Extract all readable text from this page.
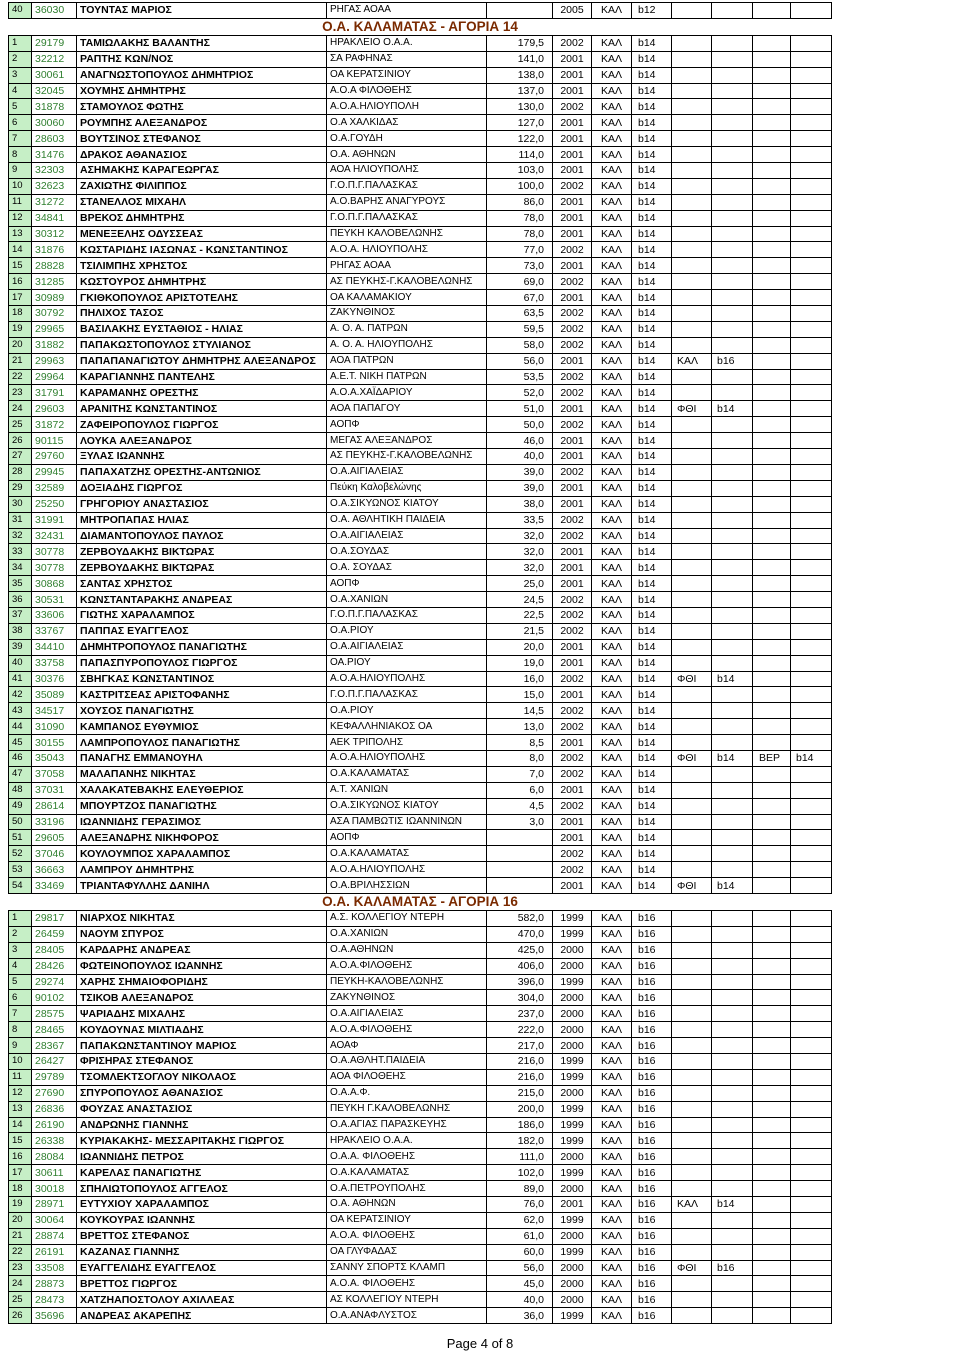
40	36030	ΤΟΥΝΤΑΣ ΜΑΡΙΟΣ	ΡΗΓΑΣ ΑΟΑΑ		2005	ΚΑΛ	b12				
Ο.Α. ΚΑΛΑΜΑΤΑΣ - ΑΓΟΡΙΑ 14											
1	29179	ΤΑΜΙΩΛΑΚΗΣ ΒΑΛΑΝΤΗΣ	ΗΡΑΚΛΕΙΟ Ο.Α.Α.	179,5	2002	ΚΑΛ	b14				
2	32212	ΡΑΠΤΗΣ ΚΩΝ/ΝΟΣ	ΣΑ ΡΑΦΗΝΑΣ	141,0	2001	ΚΑΛ	b14				
3	30061	ΑΝΑΓΝΩΣΤΟΠΟΥΛΟΣ ΔΗΜΗΤΡΙΟΣ	ΟΑ ΚΕΡΑΤΣΙΝΙΟΥ	138,0	2001	ΚΑΛ	b14				
4	32045	ΧΟΥΜΗΣ ΔΗΜΗΤΡΗΣ	Α.Ο.Α ΦΙΛΟΘΕΗΣ	137,0	2001	ΚΑΛ	b14				
5	31878	ΣΤΑΜΟΥΛΟΣ ΦΩΤΗΣ	Α.Ο.Α.ΗΛΙΟΥΠΟΛΗ	130,0	2002	ΚΑΛ	b14				
6	30060	ΡΟΥΜΠΗΣ ΑΛΕΞΑΝΔΡΟΣ	Ο.Α ΧΑΛΚΙΔΑΣ	127,0	2001	ΚΑΛ	b14				
7	28603	ΒΟΥΤΣΙΝΟΣ ΣΤΕΦΑΝΟΣ	Ο.Α.ΓΟΥΔΗ	122,0	2001	ΚΑΛ	b14				
8	31476	ΔΡΑΚΟΣ ΑΘΑΝΑΣΙΟΣ	Ο.Α. ΑΘΗΝΩΝ	114,0	2001	ΚΑΛ	b14				
9	32303	ΑΣΗΜΑΚΗΣ ΚΑΡΑΓΕΩΡΓΑΣ	ΑΟΑ ΗΛΙΟΥΠΟΛΗΣ	103,0	2001	ΚΑΛ	b14				
10	32623	ΖΑΧΙΩΤΗΣ ΦΙΛΙΠΠΟΣ	Γ.Ο.Π.Γ.ΠΑΛΑΣΚΑΣ	100,0	2002	ΚΑΛ	b14				
11	31272	ΣΤΑΝΕΛΛΟΣ ΜΙΧΑΗΛ	Α.Ο.ΒΑΡΗΣ ΑΝΑΓΥΡΟΥΣ	86,0	2001	ΚΑΛ	b14				
12	34841	ΒΡΕΚΟΣ ΔΗΜΗΤΡΗΣ	Γ.Ο.Π.Γ.ΠΑΛΑΣΚΑΣ	78,0	2001	ΚΑΛ	b14				
13	30312	ΜΕΝΕΞΕΛΗΣ ΟΔΥΣΣΕΑΣ	ΠΕΥΚΗ ΚΑΛΟΒΕΛΩΝΗΣ	78,0	2001	ΚΑΛ	b14				
14	31876	ΚΩΣΤΑΡΙΔΗΣ ΙΑΣΩΝΑΣ - ΚΩΝΣΤΑΝΤΙΝΟΣ	Α.Ο.Α. ΗΛΙΟΥΠΟΛΗΣ	77,0	2002	ΚΑΛ	b14				
15	28828	ΤΣΙΛΙΜΠΗΣ ΧΡΗΣΤΟΣ	ΡΗΓΑΣ ΑΟΑΑ	73,0	2001	ΚΑΛ	b14				
16	31285	ΚΩΣΤΟΥΡΟΣ ΔΗΜΗΤΡΗΣ	ΑΣ ΠΕΥΚΗΣ-Γ.ΚΑΛΟΒΕΛΩΝΗΣ	69,0	2002	ΚΑΛ	b14				
17	30989	ΓΚΙΘΚΟΠΟΥΛΟΣ ΑΡΙΣΤΟΤΕΛΗΣ	ΟΑ ΚΑΛΑΜΑΚΙΟΥ	67,0	2001	ΚΑΛ	b14				
18	30792	ΠΗΛΙΧΟΣ ΤΑΣΟΣ	ΖΑΚΥΝΘΙΝΟΣ	63,5	2002	ΚΑΛ	b14				
19	29965	ΒΑΣΙΛΑΚΗΣ ΕΥΣΤΑΘΙΟΣ - ΗΛΙΑΣ	Α. Ο. Α. ΠΑΤΡΩΝ	59,5	2002	ΚΑΛ	b14				
20	31882	ΠΑΠΑΚΩΣΤΟΠΟΥΛΟΣ ΣΤΥΛΙΑΝΟΣ	Α. Ο. Α. ΗΛΙΟΥΠΟΛΗΣ	58,0	2002	ΚΑΛ	b14				
21	29963	ΠΑΠΑΠΑΝΑΓΙΩΤΟΥ ΔΗΜΗΤΡΗΣ ΑΛΕΞΑΝΔΡΟΣ	ΑΟΑ ΠΑΤΡΩΝ	56,0	2001	ΚΑΛ	b14	ΚΑΛ	b16		
22	29964	ΚΑΡΑΓΙΑΝΝΗΣ ΠΑΝΤΕΛΗΣ	Α.Ε.Τ. ΝΙΚΗ ΠΑΤΡΩΝ	53,5	2002	ΚΑΛ	b14				
23	31791	ΚΑΡΑΜΑΝΗΣ ΟΡΕΣΤΗΣ	Α.Ο.Α.ΧΑΪΔΑΡΙΟΥ	52,0	2002	ΚΑΛ	b14				
24	29603	ΑΡΑΝΙΤΗΣ ΚΩΝΣΤΑΝΤΙΝΟΣ	ΑΟΑ ΠΑΠΑΓΟΥ	51,0	2001	ΚΑΛ	b14	ΦΘΙ	b14		
25	31872	ΖΑΦΕΙΡΟΠΟΥΛΟΣ ΓΙΩΡΓΟΣ	ΑΟΠΦ	50,0	2002	ΚΑΛ	b14				
26	90115	ΛΟΥΚΑ ΑΛΕΞΑΝΔΡΟΣ	ΜΕΓΑΣ ΑΛΕΞΑΝΔΡΟΣ	46,0	2001	ΚΑΛ	b14				
27	29760	ΞΥΛΑΣ ΙΩΑΝΝΗΣ	ΑΣ ΠΕΥΚΗΣ-Γ.ΚΑΛΟΒΕΛΩΝΗΣ	40,0	2001	ΚΑΛ	b14				
28	29945	ΠΑΠΑΧΑΤΖΗΣ ΟΡΕΣΤΗΣ-ΑΝΤΩΝΙΟΣ	Ο.Α.ΑΙΓΙΑΛΕΙΑΣ	39,0	2002	ΚΑΛ	b14				
29	32589	ΔΟΞΙΑΔΗΣ ΓΙΩΡΓΟΣ	Πεύκη Καλοβελώνης	39,0	2001	ΚΑΛ	b14				
30	25250	ΓΡΗΓΟΡΙΟΥ ΑΝΑΣΤΑΣΙΟΣ	Ο.Α.ΣΙΚΥΩΝΟΣ ΚΙΑΤΟΥ	38,0	2001	ΚΑΛ	b14				
31	31991	ΜΗΤΡΟΠΑΠΑΣ ΗΛΙΑΣ	Ο.Α. ΑΘΛΗΤΙΚΗ ΠΑΙΔΕΙΑ	33,5	2002	ΚΑΛ	b14				
32	32431	ΔΙΑΜΑΝΤΟΠΟΥΛΟΣ ΠΑΥΛΟΣ	Ο.Α.ΑΙΓΙΑΛΕΙΑΣ	32,0	2002	ΚΑΛ	b14				
33	30778	ΖΕΡΒΟΥΔΑΚΗΣ ΒΙΚΤΩΡΑΣ	Ο.Α.ΣΟΥΔΑΣ	32,0	2001	ΚΑΛ	b14				
34	30778	ΖΕΡΒΟΥΔΑΚΗΣ ΒΙΚΤΩΡΑΣ	Ο.Α. ΣΟΥΔΑΣ	32,0	2001	ΚΑΛ	b14				
35	30868	ΣΑΝΤΑΣ ΧΡΗΣΤΟΣ	ΑΟΠΦ	25,0	2001	ΚΑΛ	b14				
36	30531	ΚΩΝΣΤΑΝΤΑΡΑΚΗΣ ΑΝΔΡΕΑΣ	Ο.Α.ΧΑΝΙΩΝ	24,5	2002	ΚΑΛ	b14				
37	33606	ΓΙΩΤΗΣ ΧΑΡΑΛΑΜΠΟΣ	Γ.Ο.Π.Γ.ΠΑΛΑΣΚΑΣ	22,5	2002	ΚΑΛ	b14				
38	33767	ΠΑΠΠΑΣ ΕΥΑΓΓΕΛΟΣ	Ο.Α.ΡΙΟΥ	21,5	2002	ΚΑΛ	b14				
39	34410	ΔΗΜΗΤΡΟΠΟΥΛΟΣ ΠΑΝΑΓΙΩΤΗΣ	Ο.Α.ΑΙΓΙΑΛΕΙΑΣ	20,0	2001	ΚΑΛ	b14				
40	33758	ΠΑΠΑΣΠΥΡΟΠΟΥΛΟΣ ΓΙΩΡΓΟΣ	ΟΑ.ΡΙΟΥ	19,0	2001	ΚΑΛ	b14				
41	30376	ΣΒΗΓΚΑΣ ΚΩΝΣΤΑΝΤΙΝΟΣ	Α.Ο.Α.ΗΛΙΟΥΠΟΛΗΣ	16,0	2002	ΚΑΛ	b14	ΦΘΙ	b14		
42	35089	ΚΑΣΤΡΙΤΣΕΑΣ ΑΡΙΣΤΟΦΑΝΗΣ	Γ.Ο.Π.Γ.ΠΑΛΑΣΚΑΣ	15,0	2001	ΚΑΛ	b14				
43	34517	ΧΟΥΣΟΣ ΠΑΝΑΓΙΩΤΗΣ	Ο.Α.ΡΙΟΥ	14,5	2002	ΚΑΛ	b14				
44	31090	ΚΑΜΠΑΝΟΣ ΕΥΘΥΜΙΟΣ	ΚΕΦΑΛΛΗΝΙΑΚΟΣ ΟΑ	13,0	2002	ΚΑΛ	b14				
45	30155	ΛΑΜΠΡΟΠΟΥΛΟΣ ΠΑΝΑΓΙΩΤΗΣ	ΑΕΚ ΤΡΙΠΟΛΗΣ	8,5	2001	ΚΑΛ	b14				
46	35043	ΠΑΝΑΓΗΣ ΕΜΜΑΝΟΥΗΛ	Α.Ο.Α.ΗΛΙΟΥΠΟΛΗΣ	8,0	2002	ΚΑΛ	b14	ΦΘΙ	b14	ΒΕΡ	b14
47	37058	ΜΑΛΑΠΑΝΗΣ ΝΙΚΗΤΑΣ	Ο.Α.ΚΑΛΑΜΑΤΑΣ	7,0	2002	ΚΑΛ	b14				
48	37031	ΧΑΛΑΚΑΤΕΒΑΚΗΣ ΕΛΕΥΘΕΡΙΟΣ	Α.Τ. ΧΑΝΙΩΝ	6,0	2001	ΚΑΛ	b14				
49	28614	ΜΠΟΥΡΤΖΟΣ ΠΑΝΑΓΙΩΤΗΣ	Ο.Α.ΣΙΚΥΩΝΟΣ ΚΙΑΤΟΥ	4,5	2002	ΚΑΛ	b14				
50	33196	ΙΩΑΝΝΙΔΗΣ ΓΕΡΑΣΙΜΟΣ	ΑΣΑ ΠΑΜΒΩΤΙΣ ΙΩΑΝΝΙΝΩΝ	3,0	2001	ΚΑΛ	b14				
51	29605	ΑΛΕΞΑΝΔΡΗΣ ΝΙΚΗΦΟΡΟΣ	ΑΟΠΦ		2001	ΚΑΛ	b14				
52	37046	ΚΟΥΛΟΥΜΠΟΣ ΧΑΡΑΛΑΜΠΟΣ	Ο.Α.ΚΑΛΑΜΑΤΑΣ		2002	ΚΑΛ	b14				
53	36663	ΛΑΜΠΡΟΥ ΔΗΜΗΤΡΗΣ	Α.Ο.Α.ΗΛΙΟΥΠΟΛΗΣ		2002	ΚΑΛ	b14				
54	33469	ΤΡΙΑΝΤΑΦΥΛΛΗΣ ΔΑΝΙΗΛ	Ο.Α.ΒΡΙΛΗΣΣΙΩΝ		2001	ΚΑΛ	b14	ΦΘΙ	b14		
Ο.Α. ΚΑΛΑΜΑΤΑΣ - ΑΓΟΡΙΑ 16											
1	29817	ΝΙΑΡΧΟΣ ΝΙΚΗΤΑΣ	Α.Σ. ΚΟΛΛΕΓΙΟΥ ΝΤΕΡΗ	582,0	1999	ΚΑΛ	b16				
2	26459	ΝΑΟΥΜ ΣΠΥΡΟΣ	Ο.Α.ΧΑΝΙΩΝ	470,0	1999	ΚΑΛ	b16				
3	28405	ΚΑΡΔΑΡΗΣ ΑΝΔΡΕΑΣ	Ο.Α.ΑΘΗΝΩΝ	425,0	2000	ΚΑΛ	b16				
4	28426	ΦΩΤΕΙΝΟΠΟΥΛΟΣ ΙΩΑΝΝΗΣ	Α.Ο.Α.ΦΙΛΟΘΕΗΣ	406,0	2000	ΚΑΛ	b16				
5	29274	ΧΑΡΗΣ ΣΗΜΑΙΟΦΟΡΙΔΗΣ	ΠΕΥΚΗ-ΚΑΛΟΒΕΛΩΝΗΣ	396,0	1999	ΚΑΛ	b16				
6	90102	ΤΣΙΚΟΒ ΑΛΕΞΑΝΔΡΟΣ	ΖΑΚΥΝΘΙΝΟΣ	304,0	2000	ΚΑΛ	b16				
7	28575	ΨΑΡΙΑΔΗΣ ΜΙΧΑΛΗΣ	Ο.Α.ΑΙΓΙΑΛΕΙΑΣ	237,0	2000	ΚΑΛ	b16				
8	28465	ΚΟΥΔΟΥΝΑΣ ΜΙΛΤΙΑΔΗΣ	Α.Ο.Α.ΦΙΛΟΘΕΗΣ	222,0	2000	ΚΑΛ	b16				
9	28367	ΠΑΠΑΚΩΝΣΤΑΝΤΙΝΟΥ ΜΑΡΙΟΣ	ΑΟΑΦ	217,0	2000	ΚΑΛ	b16				
10	26427	ΦΡΙΣΗΡΑΣ ΣΤΕΦΑΝΟΣ	Ο.Α.ΑΘΛΗΤ.ΠΑΙΔΕΙΑ	216,0	1999	ΚΑΛ	b16				
11	29789	ΤΣΟΜΛΕΚΤΣΟΓΛΟΥ ΝΙΚΟΛΑΟΣ	ΑΟΑ ΦΙΛΟΘΕΗΣ	216,0	1999	ΚΑΛ	b16				
12	27690	ΣΠΥΡΟΠΟΥΛΟΣ ΑΘΑΝΑΣΙΟΣ	Ο.Α.Α.Φ.	215,0	2000	ΚΑΛ	b16				
13	26836	ΦΟΥΖΑΣ ΑΝΑΣΤΑΣΙΟΣ	ΠΕΥΚΗ Γ.ΚΑΛΟΒΕΛΩΝΗΣ	200,0	1999	ΚΑΛ	b16				
14	26190	ΑΝΔΡΩΝΗΣ ΓΙΑΝΝΗΣ	Ο.Α.ΑΓΙΑΣ ΠΑΡΑΣΚΕΥΗΣ	186,0	1999	ΚΑΛ	b16				
15	26338	ΚΥΡΙΑΚΑΚΗΣ- ΜΕΣΣΑΡΙΤΑΚΗΣ ΓΙΩΡΓΟΣ	ΗΡΑΚΛΕΙΟ Ο.Α.Α.	182,0	1999	ΚΑΛ	b16				
16	28084	ΙΩΑΝΝΙΔΗΣ ΠΕΤΡΟΣ	Ο.Α.Α. ΦΙΛΟΘΕΗΣ	111,0	2000	ΚΑΛ	b16				
17	30611	ΚΑΡΕΛΑΣ ΠΑΝΑΓΙΩΤΗΣ	Ο.Α.ΚΑΛΑΜΑΤΑΣ	102,0	1999	ΚΑΛ	b16				
18	30018	ΣΠΗΛΙΩΤΟΠΟΥΛΟΣ ΑΓΓΕΛΟΣ	Ο.Α.ΠΕΤΡΟΥΠΟΛΗΣ	89,0	2000	ΚΑΛ	b16				
19	28971	ΕΥΤΥΧΙΟΥ ΧΑΡΑΛΑΜΠΟΣ	Ο.Α. ΑΘΗΝΩΝ	76,0	2001	ΚΑΛ	b16	ΚΑΛ	b14		
20	30064	ΚΟΥΚΟΥΡΑΣ ΙΩΑΝΝΗΣ	ΟΑ ΚΕΡΑΤΣΙΝΙΟΥ	62,0	1999	ΚΑΛ	b16				
21	28874	ΒΡΕΤΤΟΣ ΣΤΕΦΑΝΟΣ	Α.Ο.Α. ΦΙΛΟΘΕΗΣ	61,0	2000	ΚΑΛ	b16				
22	26191	ΚΑΖΑΝΑΣ ΓΙΑΝΝΗΣ	ΟΑ ΓΛΥΦΑΔΑΣ	60,0	1999	ΚΑΛ	b16				
23	33508	ΕΥΑΓΓΕΛΙΔΗΣ ΕΥΑΓΓΕΛΟΣ	ΣΑΝΝΥ ΣΠΟΡΤΣ ΚΛΑΜΠ	56,0	2000	ΚΑΛ	b16	ΦΘΙ	b16		
24	28873	ΒΡΕΤΤΟΣ ΓΙΩΡΓΟΣ	Α.Ο.Α. ΦΙΛΟΘΕΗΣ	45,0	2000	ΚΑΛ	b16				
25	28473	ΧΑΤΖΗΑΠΟΣΤΟΛΟΥ ΑΧΙΛΛΕΑΣ	ΑΣ ΚΟΛΛΕΓΙΟΥ ΝΤΕΡΗ	40,0	2000	ΚΑΛ	b16				
26	35696	ΑΝΔΡΕΑΣ ΑΚΑΡΕΠΗΣ	Ο.Α.ΑΝΑΦΛΥΣΤΟΣ	36,0	1999	ΚΑΛ	b16				
Page 4 of 8
